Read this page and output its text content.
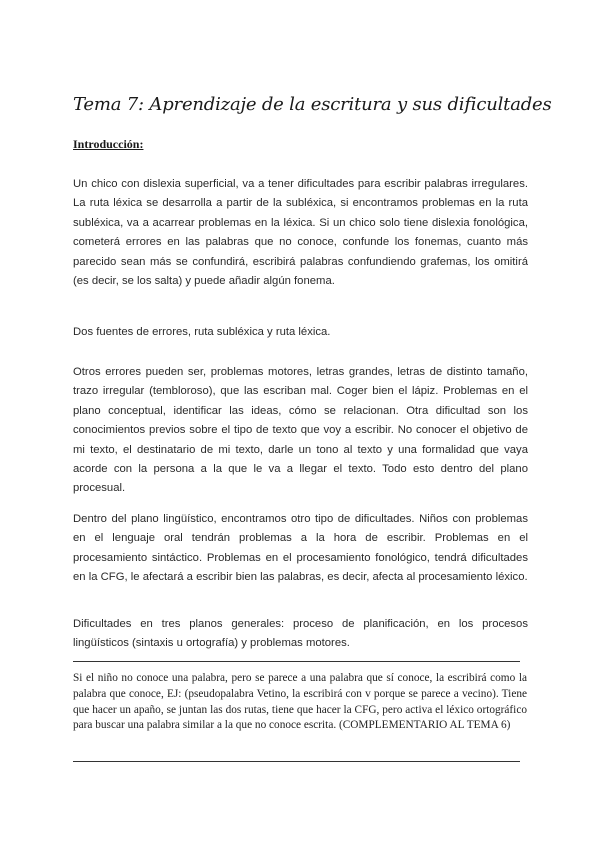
Tema 7: Aprendizaje de la escritura y sus dificultades
Introducción:

Un chico con dislexia superficial, va a tener dificultades para escribir palabras irregulares. La ruta léxica se desarrolla a partir de la subléxica, si encontramos problemas en la ruta subléxica, va a acarrear problemas en la léxica. Si un chico solo tiene dislexia fonológica, cometerá errores en las palabras que no conoce, confunde los fonemas, cuanto más parecido sean más se confundirá, escribirá palabras confundiendo grafemas, los omitirá (es decir, se los salta) y puede añadir algún fonema.

Dos fuentes de errores, ruta subléxica y ruta léxica.

Otros errores pueden ser, problemas motores, letras grandes, letras de distinto tamaño, trazo irregular (tembloroso), que las escriban mal. Coger bien el lápiz. Problemas en el plano conceptual, identificar las ideas, cómo se relacionan. Otra dificultad son los conocimientos previos sobre el tipo de texto que voy a escribir. No conocer el objetivo de mi texto, el destinatario de mi texto, darle un tono al texto y una formalidad que vaya acorde con la persona a la que le va a llegar el texto. Todo esto dentro del plano procesual.

Dentro del plano lingüístico, encontramos otro tipo de dificultades. Niños con problemas en el lenguaje oral tendrán problemas a la hora de escribir. Problemas en el procesamiento sintáctico. Problemas en el procesamiento fonológico, tendrá dificultades en la CFG, le afectará a escribir bien las palabras, es decir, afecta al procesamiento léxico.

Dificultades en tres planos generales: proceso de planificación, en los procesos lingüísticos (sintaxis u ortografía) y problemas motores.

Si el niño no conoce una palabra, pero se parece a una palabra que sí conoce, la escribirá como la palabra que conoce, EJ: (pseudopalabra Vetino, la escribirá con v porque se parece a vecino). Tiene que hacer un apaño, se juntan las dos rutas, tiene que hacer la CFG, pero activa el léxico ortográfico para buscar una palabra similar a la que no conoce escrita. (COMPLEMENTARIO AL TEMA 6)
